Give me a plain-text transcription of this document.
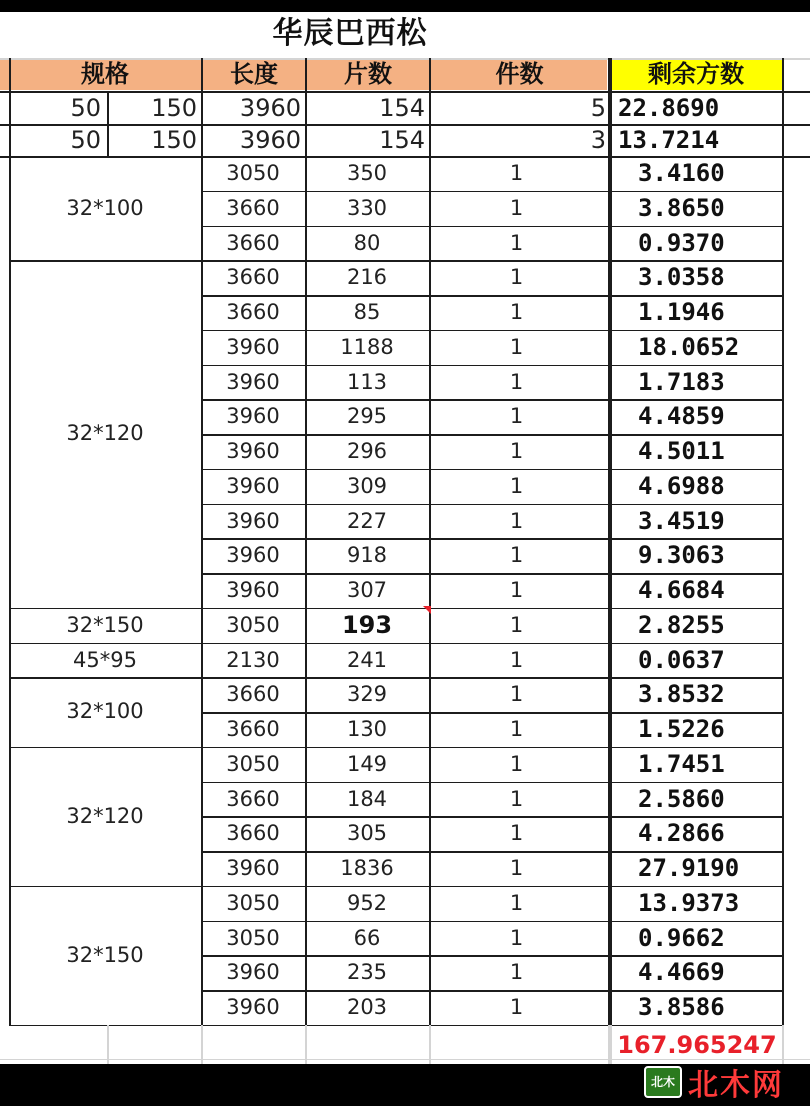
华辰巴西松
规格	长度	片数	件数	剩余方数
50	150	3960	154	5 22.8690
50	150	3960	154	3 13.7214
32*100
3050	350	1	3.4160
3660	330	1	3.8650
3660	80	1	0.9370
32*120
3660	216	1	3.0358
3660	85	1	1.1946
3960	1188	1	18.0652
3960	113	1	1.7183
3960	295	1	4.4859
3960	296	1	4.5011
3960	309	1	4.6988
3960	227	1	3.4519
3960	918	1	9.3063
3960	307	1	4.6684
32*150	3050	193	1	2.8255
45*95	2130	241	1	0.0637
32*100
3660	329	1	3.8532
3660	130	1	1.5226
32*120
3050	149	1	1.7451
3660	184	1	2.5860
3660	305	1	4.2866
3960	1836	1	27.9190
32*150
3050	952	1	13.9373
3050	66	1	0.9662
3960	235	1	4.4669
3960	203	1	3.8586
167.965247
北木 北木网
